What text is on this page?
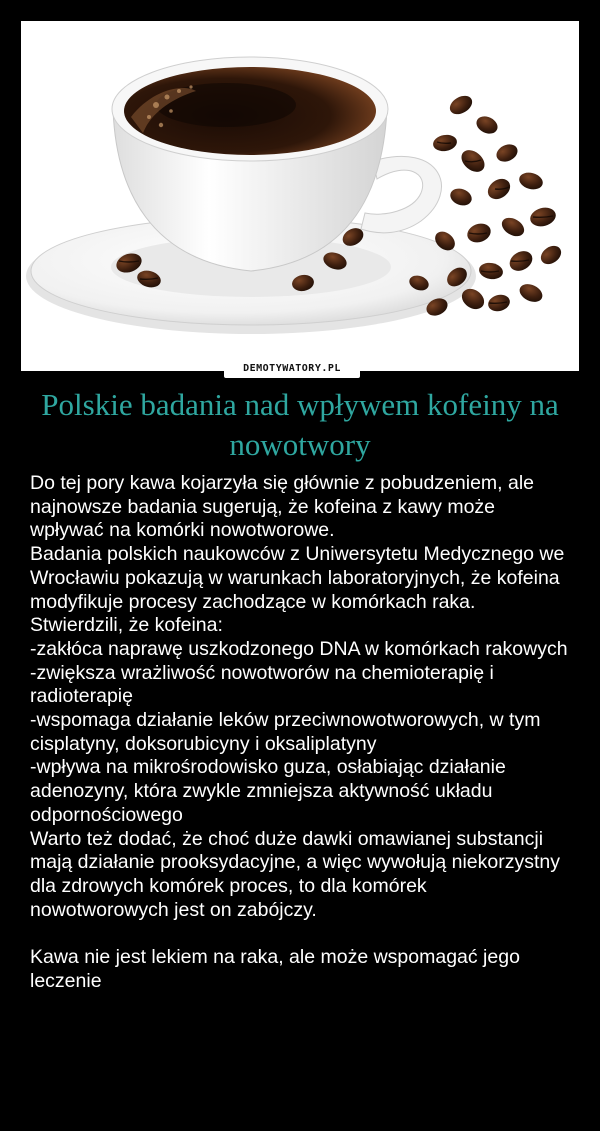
DEMOTYWATORY.PL
Polskie badania nad wpływem kofeiny na nowotwory
Do tej pory kawa kojarzyła się głównie z pobudzeniem, ale najnowsze badania sugerują, że kofeina z kawy może wpływać na komórki nowotworowe.
Badania polskich naukowców z Uniwersytetu Medycznego we Wrocławiu pokazują w warunkach laboratoryjnych, że kofeina modyfikuje procesy zachodzące w komórkach raka.
Stwierdzili, że kofeina:
-zakłóca naprawę uszkodzonego DNA w komórkach rakowych
-zwiększa wrażliwość nowotworów na chemioterapię i radioterapię
-wspomaga działanie leków przeciwnowotworowych, w tym cisplatyny, doksorubicyny i oksaliplatyny
-wpływa na mikrośrodowisko guza, osłabiając działanie adenozyny, która zwykle zmniejsza aktywność układu odpornościowego
Warto też dodać, że choć duże dawki omawianej substancji mają działanie prooksydacyjne, a więc wywołują niekorzystny dla zdrowych komórek proces, to dla komórek nowotworowych jest on zabójczy.

Kawa nie jest lekiem na raka, ale może wspomagać jego leczenie
